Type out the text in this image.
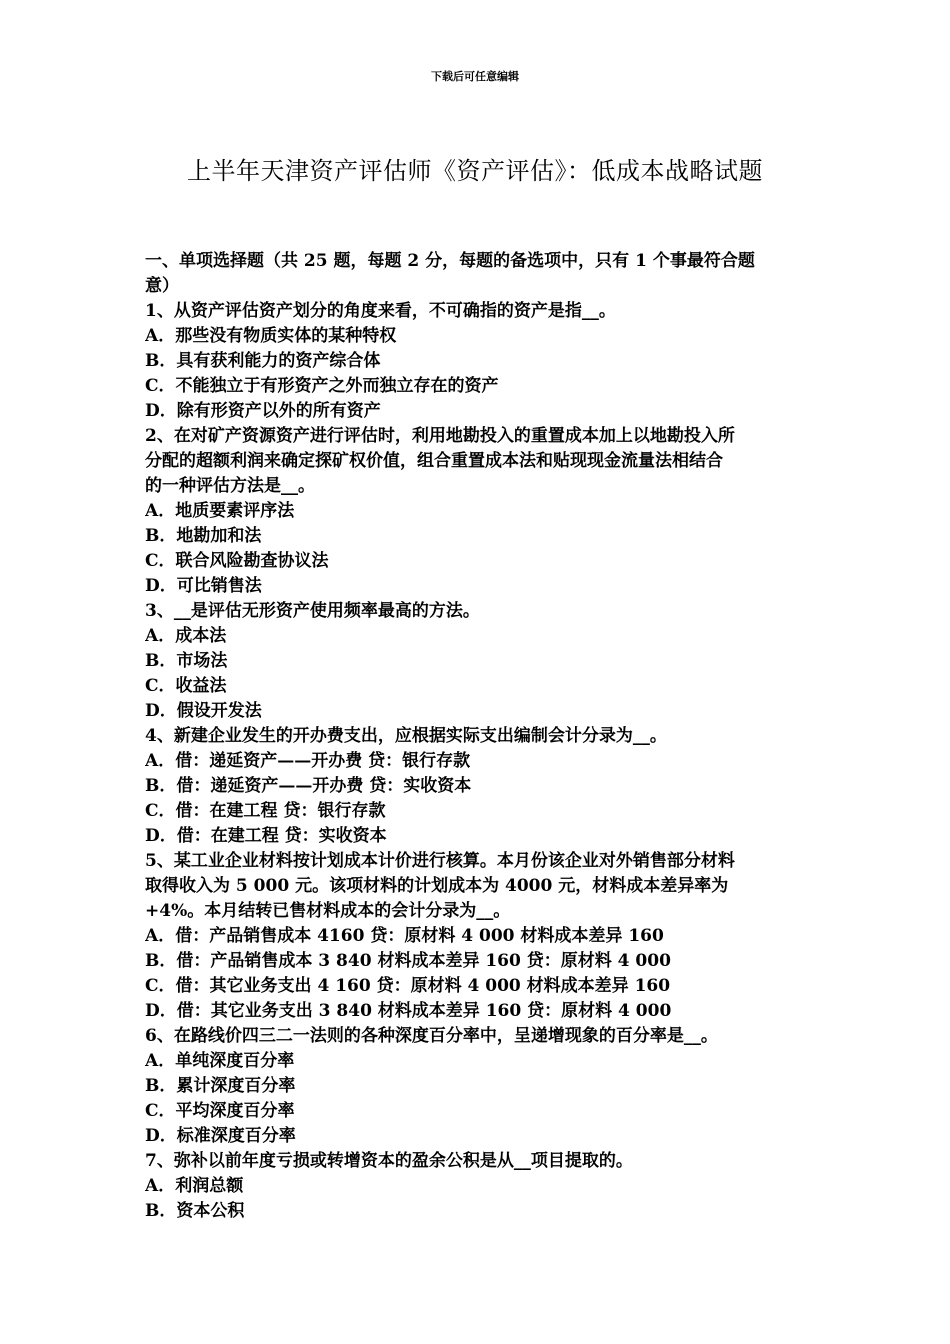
下载后可任意编辑
上半年天津资产评估师《资产评估》：低成本战略试题
一、单项选择题（共 25 题，每题 2 分，每题的备选项中，只有 1 个事最符合题
意）
1、从资产评估资产划分的角度来看，不可确指的资产是指__。
A．那些没有物质实体的某种特权
B．具有获利能力的资产综合体
C．不能独立于有形资产之外而独立存在的资产
D．除有形资产以外的所有资产
2、在对矿产资源资产进行评估时，利用地勘投入的重置成本加上以地勘投入所
分配的超额利润来确定探矿权价值，组合重置成本法和贴现现金流量法相结合
的一种评估方法是__。
A．地质要素评序法
B．地勘加和法
C．联合风险勘查协议法
D．可比销售法
3、__是评估无形资产使用频率最高的方法。
A．成本法
B．市场法
C．收益法
D．假设开发法
4、新建企业发生的开办费支出，应根据实际支出编制会计分录为__。
A．借：递延资产——开办费 贷：银行存款
B．借：递延资产——开办费 贷：实收资本
C．借：在建工程 贷：银行存款
D．借：在建工程 贷：实收资本
5、某工业企业材料按计划成本计价进行核算。本月份该企业对外销售部分材料
取得收入为 5 000 元。该项材料的计划成本为 4000 元，材料成本差异率为
+4%。本月结转已售材料成本的会计分录为__。
A．借：产品销售成本 4160 贷：原材料 4 000 材料成本差异 160
B．借：产品销售成本 3 840 材料成本差异 160 贷：原材料 4 000
C．借：其它业务支出 4 160 贷：原材料 4 000 材料成本差异 160
D．借：其它业务支出 3 840 材料成本差异 160 贷：原材料 4 000
6、在路线价四三二一法则的各种深度百分率中，呈递增现象的百分率是__。
A．单纯深度百分率
B．累计深度百分率
C．平均深度百分率
D．标准深度百分率
7、弥补以前年度亏损或转增资本的盈余公积是从__项目提取的。
A．利润总额
B．资本公积
